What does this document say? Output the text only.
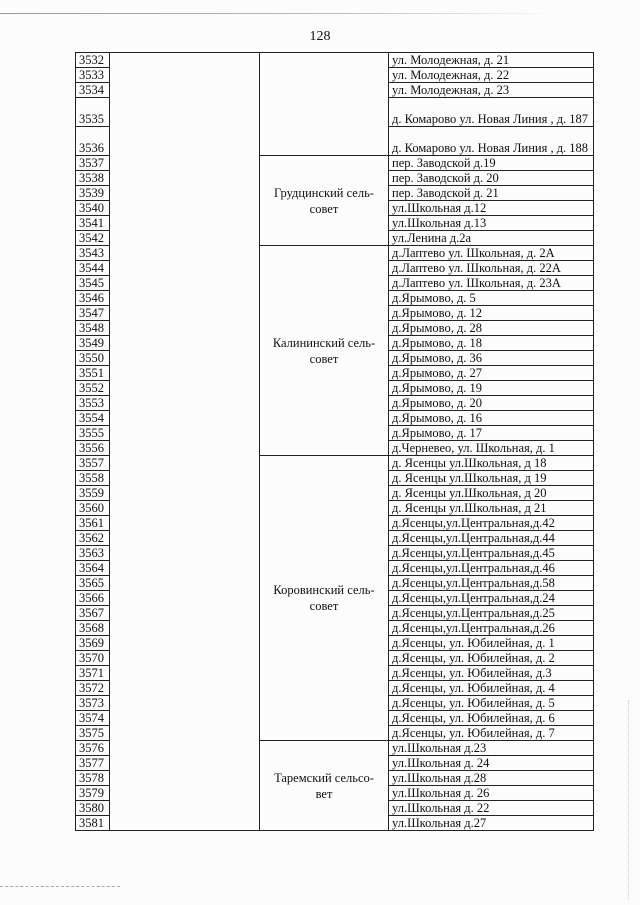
128
3532			ул. Молодежная, д. 21
3533			ул. Молодежная, д. 22
3534			ул. Молодежная, д. 23
3535			д. Комарово ул. Новая Линия , д. 187
3536			д. Комарово ул. Новая Линия , д. 188
3537		Грудцинский сель-совет	пер. Заводской д.19
3538			пер. Заводской д. 20
3539			пер. Заводской д. 21
3540			ул.Школьная д.12
3541			ул.Школьная д.13
3542			ул.Ленина д.2а
3543		Калининский сель-совет	д.Лаптево ул. Школьная, д. 2А
3544			д.Лаптево ул. Школьная, д. 22А
3545			д.Лаптево ул. Школьная, д. 23А
3546			д.Ярымово, д. 5
3547			д.Ярымово, д. 12
3548			д.Ярымово, д. 28
3549			д.Ярымово, д. 18
3550			д.Ярымово, д. 36
3551			д.Ярымово, д. 27
3552			д.Ярымово, д. 19
3553			д.Ярымово, д. 20
3554			д.Ярымово, д. 16
3555			д.Ярымово, д. 17
3556			д.Черневео, ул. Школьная, д. 1
3557		Коровинский сель-совет	д. Ясенцы ул.Школьная, д 18
3558			д. Ясенцы ул.Школьная, д 19
3559			д. Ясенцы ул.Школьная, д 20
3560			д. Ясенцы ул.Школьная, д 21
3561			д.Ясенцы,ул.Центральная,д.42
3562			д.Ясенцы,ул.Центральная,д.44
3563			д.Ясенцы,ул.Центральная,д.45
3564			д.Ясенцы,ул.Центральная,д.46
3565			д.Ясенцы,ул.Центральная,д.58
3566			д.Ясенцы,ул.Центральная,д.24
3567			д.Ясенцы,ул.Центральная,д.25
3568			д.Ясенцы,ул.Центральная,д.26
3569			д.Ясенцы, ул. Юбилейная, д. 1
3570			д.Ясенцы, ул. Юбилейная, д. 2
3571			д.Ясенцы, ул. Юбилейная, д.3
3572			д.Ясенцы, ул. Юбилейная, д. 4
3573			д.Ясенцы, ул. Юбилейная, д. 5
3574			д.Ясенцы, ул. Юбилейная, д. 6
3575			д.Ясенцы, ул. Юбилейная, д. 7
3576		Таремский сельсо-вет	ул.Школьная д.23
3577			ул.Школьная д. 24
3578			ул.Школьная д.28
3579			ул.Школьная д. 26
3580			ул.Школьная д. 22
3581			ул.Школьная д.27
